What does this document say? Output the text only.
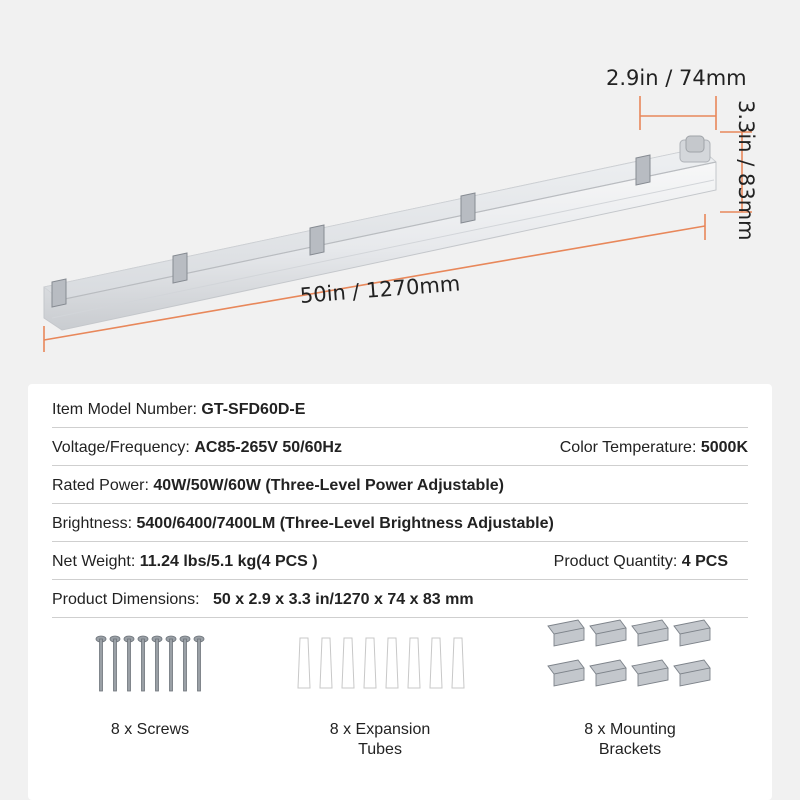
2.9in / 74mm
50in / 1270mm
3.3in / 83mm
Item Model Number: GT-SFD60D-E
Voltage/Frequency: AC85-265V 50/60Hz	Color Temperature: 5000K
Rated Power: 40W/50W/60W (Three-Level Power Adjustable)
Brightness: 5400/6400/7400LM (Three-Level Brightness Adjustable)
Net Weight: 11.24 lbs/5.1 kg(4 PCS )	Product Quantity: 4 PCS
Product Dimensions: 50 x 2.9 x 3.3 in/1270 x 74 x 83 mm
8 x Screws	8 x Expansion
Tubes
8 x Mounting
Brackets
